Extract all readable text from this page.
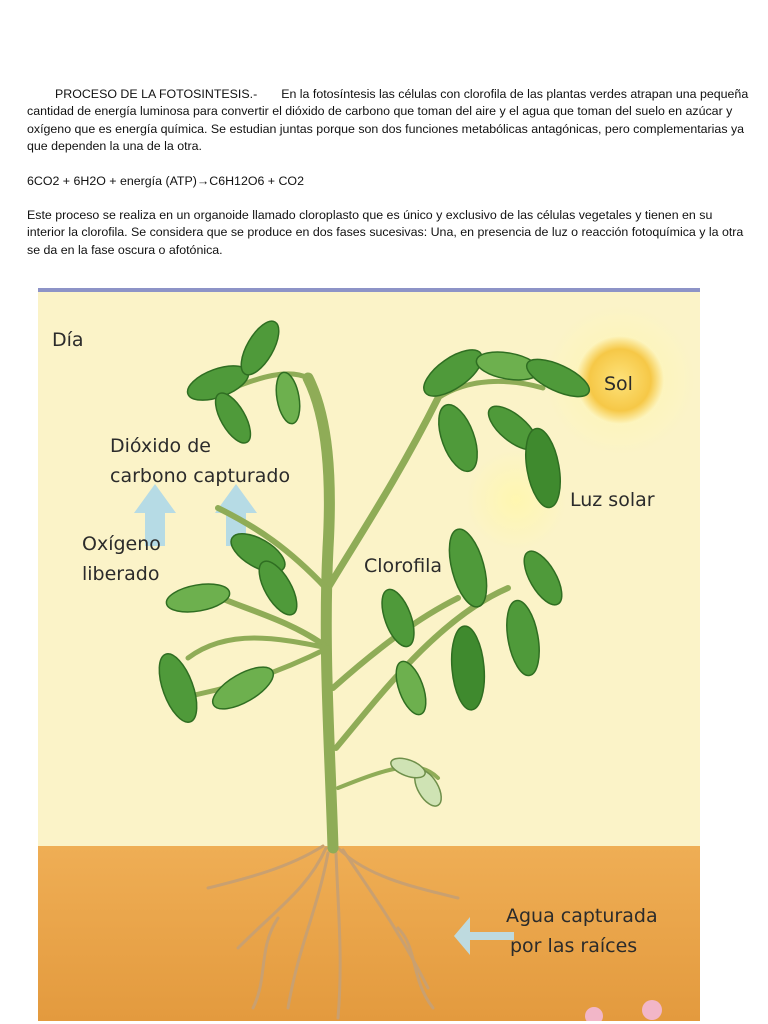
PROCESO DE LA FOTOSINTESIS.- En la fotosíntesis las células con clorofila de las plantas verdes atrapan una pequeña cantidad de energía luminosa para convertir el dióxido de carbono que toman del aire y el agua que toman del suelo en azúcar y oxígeno que es energía química. Se estudian juntas porque son dos funciones metabólicas antagónicas, pero complementarias ya que dependen la una de la otra.

6CO2 + 6H2O + energía (ATP)→C6H12O6 + CO2

Este proceso se realiza en un organoide llamado cloroplasto que es único y exclusivo de las células vegetales y tienen en su interior la clorofila. Se considera que se produce en dos fases sucesivas: Una, en presencia de luz o reacción fotoquímica y la otra se da en la fase oscura o afotónica.

Día
Sol
Dióxido de
carbono capturado
Luz solar
Oxígeno
liberado	Clorofila
Agua capturada
por las raíces
